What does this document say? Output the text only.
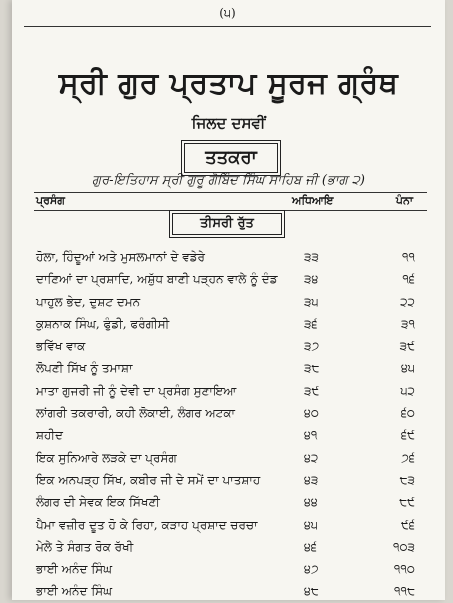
(੫)
ਸ੍ਰੀ ਗੁਰ ਪ੍ਰਤਾਪ ਸੂਰਜ ਗ੍ਰੰਥ
ਜਿਲਦ ਦਸਵੀਂ
ਤਤਕਰਾ
ਗੁਰ-ਇਤਿਹਾਸ ਸ੍ਰੀ ਗੁਰੂ ਗੋਬਿੰਦ ਸਿੰਘ ਸਾਹਿਬ ਜੀ (ਭਾਗ ੨)
ਪ੍ਰਸੰਗ	ਅਧਿਆਇ	ਪੰਨਾ
ਤੀਸਰੀ ਰੁੱਤ
ਹੋਲਾ, ਹਿੰਦੂਆਂ ਅਤੇ ਮੁਸਲਮਾਨਾਂ ਦੇ ਵਡੇਰੇ	੩੩	੧੧
ਦਾਣਿਆਂ ਦਾ ਪ੍ਰਸ਼ਾਦਿ, ਅਸ਼ੁੱਧ ਬਾਣੀ ਪੜ੍ਹਨ ਵਾਲੇ ਨੂੰ ਦੰਡ ੩੪	੧੬
ਪਾਹੁਲ ਭੇਦ, ਦੁਸ਼ਟ ਦਮਨ	੩੫	੨੨
ਕੁਸ਼ਨਾਕ ਸਿੰਘ, ਫੁੰਡੀ, ਫਰੰਗੀਸੀ	੩੬	੩੧
ਭਵਿੱਖ ਵਾਕ	੩੭	੩੯
ਲੋਪਣੀ ਸਿੱਖ ਨੂੰ ਤਮਾਸ਼ਾ	੩੮	੪੫
ਮਾਤਾ ਗੁਜਰੀ ਜੀ ਨੂੰ ਦੇਵੀ ਦਾ ਪ੍ਰਸੰਗ ਸੁਣਾਇਆ	੩੯	੫੨
ਲਾਂਗਰੀ ਤਕਰਾਰੀ, ਕਹੀ ਲੋਕਾਈ, ਲੰਗਰ ਅਟਕਾ	੪੦	੬੦
ਸ਼ਹੀਦ	੪੧	੬੯
ਇਕ ਸੁਨਿਆਰੇ ਲੜਕੇ ਦਾ ਪ੍ਰਸੰਗ	੪੨	੭੬
ਇਕ ਅਨਪੜ੍ਹ ਸਿੱਖ, ਕਬੀਰ ਜੀ ਦੇ ਸਮੇਂ ਦਾ ਪਾਤਸ਼ਾਹ	੪੩	੮੩
ਲੰਗਰ ਦੀ ਸੇਵਕ ਇਕ ਸਿੱਖਣੀ	੪੪	੮੯
ਪੈਮਾ ਵਜ਼ੀਰ ਦੂਤ ਹੋ ਕੇ ਰਿਹਾ, ਕੜਾਹ ਪ੍ਰਸ਼ਾਦ ਚਰਚਾ	੪੫	੯੬
ਮੇਲੇ ਤੇ ਸੰਗਤ ਰੋਕ ਰੱਖੀ	੪੬	੧੦੩
ਭਾਈ ਅਨੰਦ ਸਿੰਘ	੪੭	੧੧੦
ਭਾਈ ਅਨੰਦ ਸਿੰਘ	੪੮	੧੧੮
